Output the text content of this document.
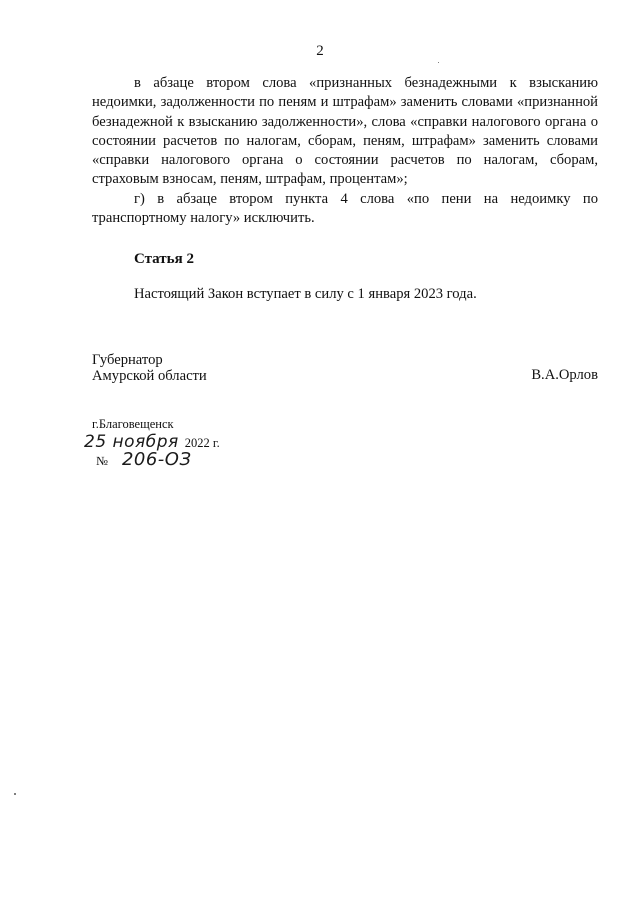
2

в абзаце втором слова «признанных безнадежными к взысканию недоимки, задолженности по пеням и штрафам» заменить словами «признанной безнадежной к взысканию задолженности», слова «справки налогового органа о состоянии расчетов по налогам, сборам, пеням, штрафам» заменить словами «справки налогового органа о состоянии расчетов по налогам, сборам, страховым взносам, пеням, штрафам, процентам»;

г) в абзаце втором пункта 4 слова «по пени на недоимку по транспортному налогу» исключить.

Статья 2
Настоящий Закон вступает в силу с 1 января 2023 года.
Губернатор
Амурской области	В.А.Орлов
г.Благовещенск
25 ноября 2022 г.
№ 206-ОЗ
